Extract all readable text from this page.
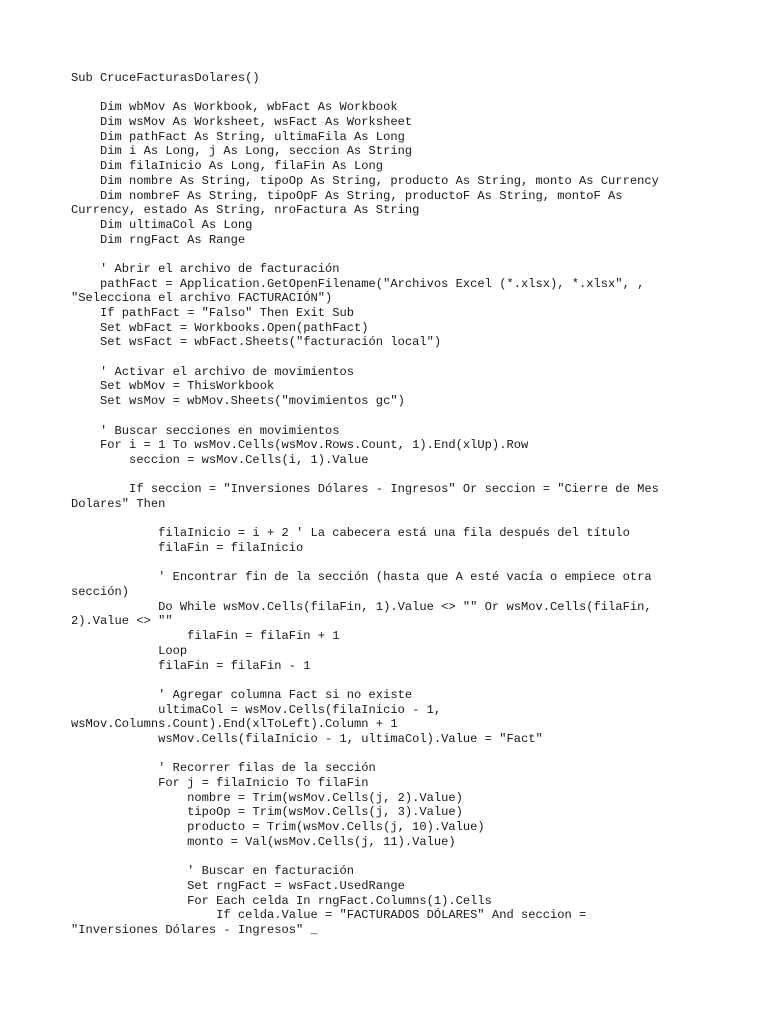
Sub CruceFacturasDolares()
Dim wbMov As Workbook, wbFact As Workbook
Dim wsMov As Worksheet, wsFact As Worksheet
Dim pathFact As String, ultimaFila As Long
Dim i As Long, j As Long, seccion As String
Dim filaInicio As Long, filaFin As Long
Dim nombre As String, tipoOp As String, producto As String, monto As Currency
Dim nombreF As String, tipoOpF As String, productoF As String, montoF As
Currency, estado As String, nroFactura As String
Dim ultimaCol As Long
Dim rngFact As Range
' Abrir el archivo de facturación
pathFact = Application.GetOpenFilename("Archivos Excel (*.xlsx), *.xlsx", ,
"Selecciona el archivo FACTURACIÓN")
If pathFact = "Falso" Then Exit Sub
Set wbFact = Workbooks.Open(pathFact)
Set wsFact = wbFact.Sheets("facturación local")
' Activar el archivo de movimientos
Set wbMov = ThisWorkbook
Set wsMov = wbMov.Sheets("movimientos gc")
' Buscar secciones en movimientos
For i = 1 To wsMov.Cells(wsMov.Rows.Count, 1).End(xlUp).Row
seccion = wsMov.Cells(i, 1).Value
If seccion = "Inversiones Dólares - Ingresos" Or seccion = "Cierre de Mes
Dolares" Then
filaInicio = i + 2 ' La cabecera está una fila después del título
filaFin = filaInicio
' Encontrar fin de la sección (hasta que A esté vacía o empiece otra
sección)
Do While wsMov.Cells(filaFin, 1).Value <> "" Or wsMov.Cells(filaFin,
2).Value <> ""
filaFin = filaFin + 1
Loop
filaFin = filaFin - 1
' Agregar columna Fact si no existe
ultimaCol = wsMov.Cells(filaInicio - 1,
wsMov.Columns.Count).End(xlToLeft).Column + 1
wsMov.Cells(filaInicio - 1, ultimaCol).Value = "Fact"
' Recorrer filas de la sección
For j = filaInicio To filaFin
nombre = Trim(wsMov.Cells(j, 2).Value)
tipoOp = Trim(wsMov.Cells(j, 3).Value)
producto = Trim(wsMov.Cells(j, 10).Value)
monto = Val(wsMov.Cells(j, 11).Value)
' Buscar en facturación
Set rngFact = wsFact.UsedRange
For Each celda In rngFact.Columns(1).Cells
If celda.Value = "FACTURADOS DÓLARES" And seccion =
"Inversiones Dólares - Ingresos" _
